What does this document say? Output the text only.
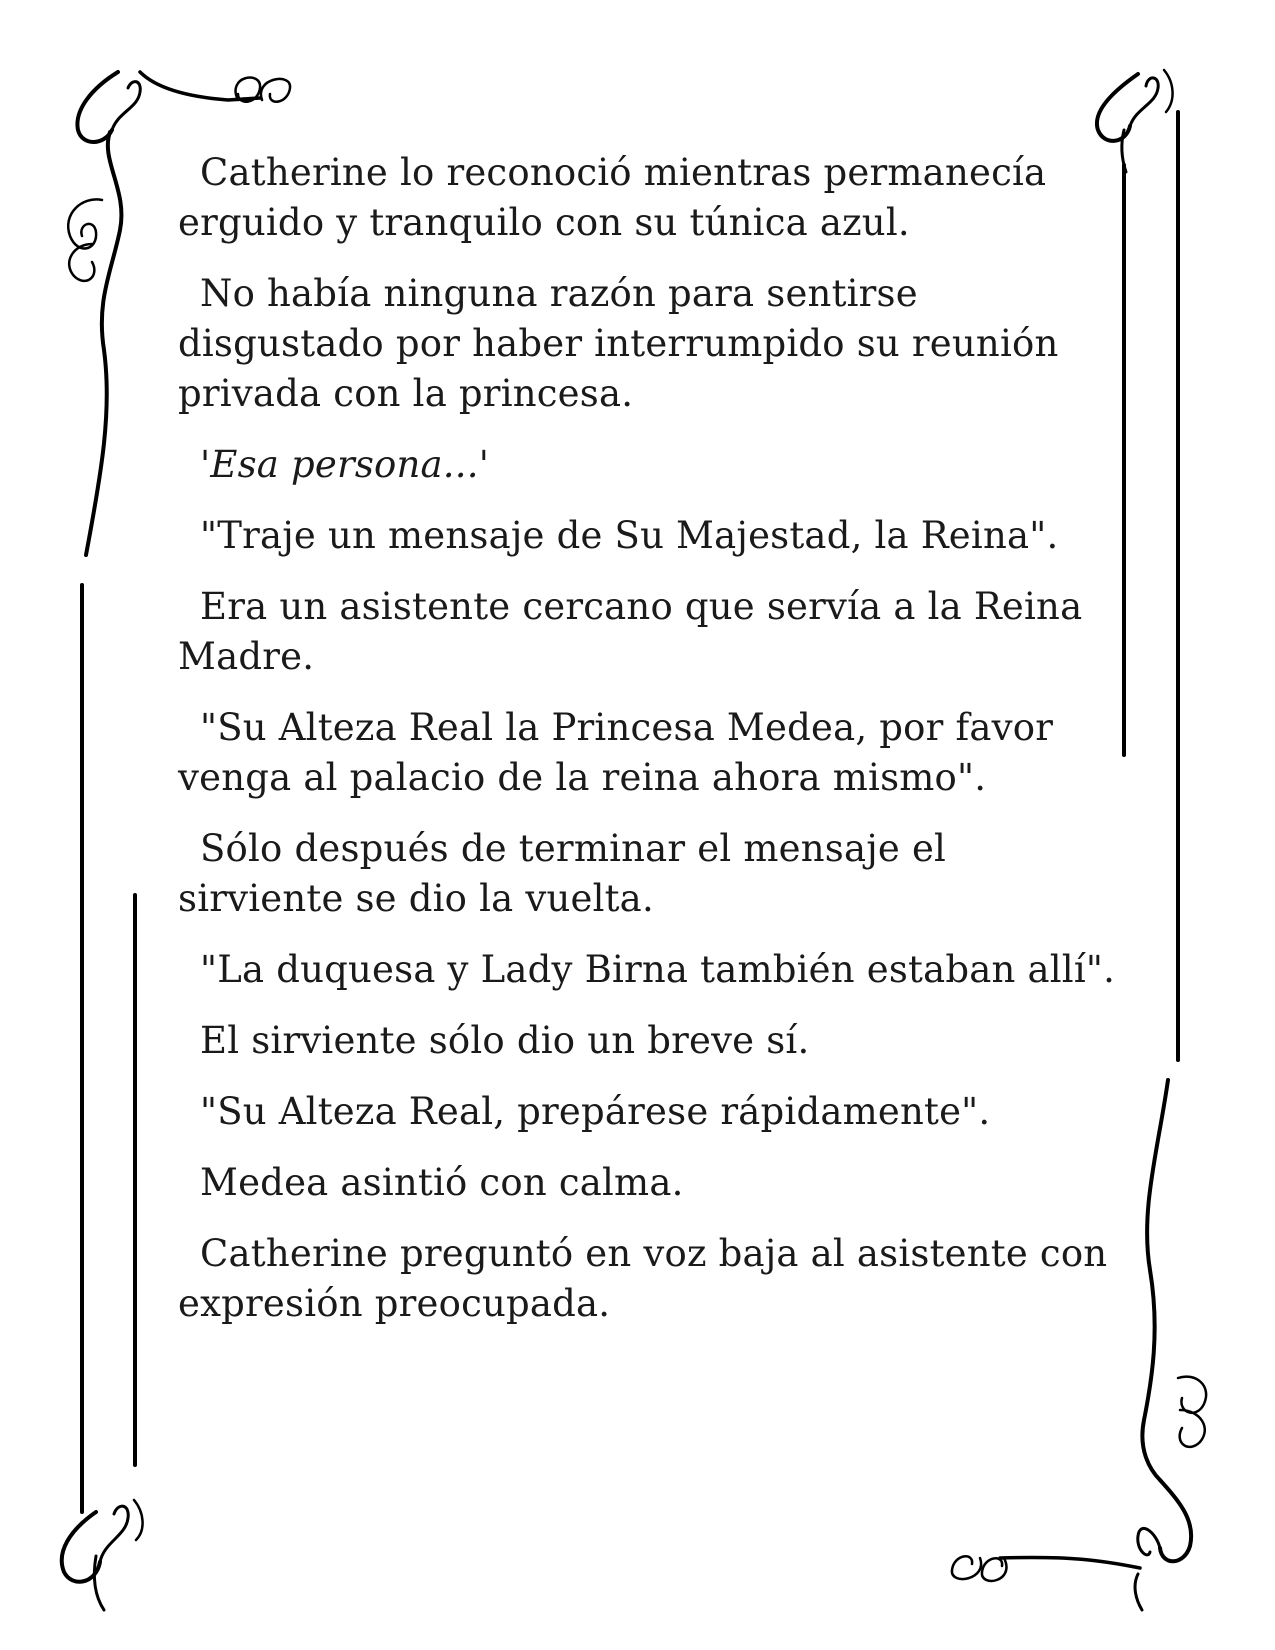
Catherine lo reconoció mientras permanecía erguido y tranquilo con su túnica azul.

No había ninguna razón para sentirse disgustado por haber interrumpido su reunión privada con la princesa.

'Esa persona...'

"Traje un mensaje de Su Majestad, la Reina".

Era un asistente cercano que servía a la Reina Madre.

"Su Alteza Real la Princesa Medea, por favor venga al palacio de la reina ahora mismo".

Sólo después de terminar el mensaje el sirviente se dio la vuelta.

"La duquesa y Lady Birna también estaban allí".

El sirviente sólo dio un breve sí.

"Su Alteza Real, prepárese rápidamente".

Medea asintió con calma.

Catherine preguntó en voz baja al asistente con expresión preocupada.
